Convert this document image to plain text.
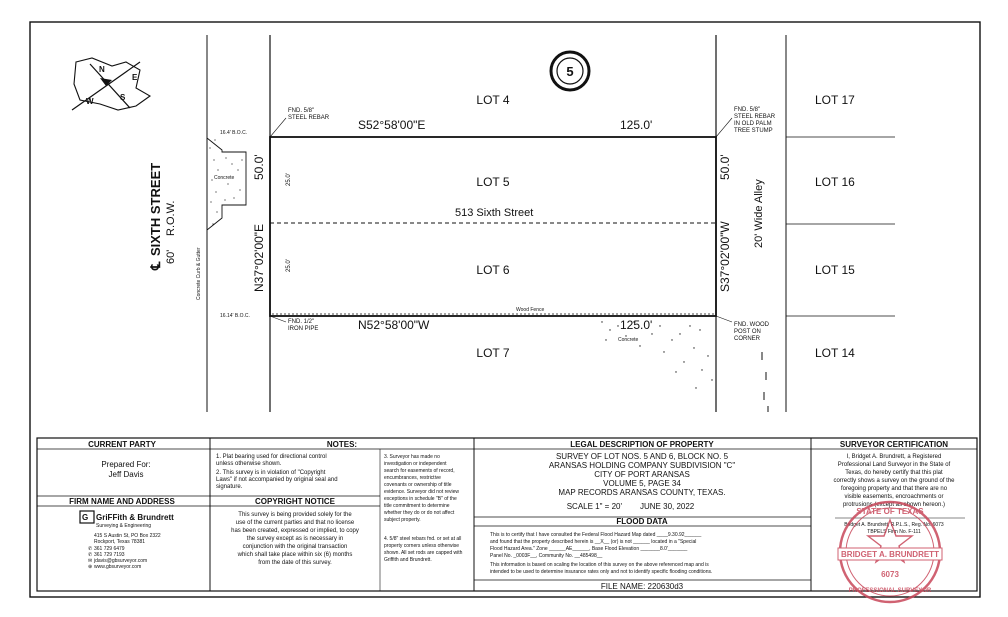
N
E
W	S
5
℄
SIXTH STREET R.O.W.
60'
Concrete
Concrete Curb & Gutter
16.4' B.O.C.
16.14' B.O.C.
20' Wide Alley
Concrete
Wood Fence
LOT 4
LOT 5
LOT 6
LOT 7
LOT 17
LOT 16
LOT 15
LOT 14
S52°58'00"E	125.0'
N52°58'00"W	125.0'
N37°02'00"E
50.0'
S37°02'00"W
50.0'
25.0'
25.0'
513 Sixth Street
FND. 5/8"
STEEL REBAR
FND. 5/8"
STEEL REBAR
IN OLD PALM
TREE STUMP
FND. 1/2"
IRON PIPE
FND. WOOD
POST ON
CORNER
CURRENT PARTY
Prepared For:
Jeff Davis
FIRM NAME AND ADDRESS
G GriFFith & Brundrett
Surveying & Engineering
415 S Austin St, PO Box 2322
Rockport, Texas 78381
✆ 361 729 6479
✆ 361 729 7193
✉ jdavis@gbsurveyor.com
⊕ www.gbsurveyor.com
NOTES:
1. Plat bearing used for directional control
unless otherwise shown.
2. This survey is in violation of "Copyright
Laws" if not accompanied by original seal and
signature.
3. Surveyor has made no
investigation or independent
search for easements of record,
encumbrances, restrictive
covenants or ownership of title
evidence. Surveyor did not review
exceptions in schedule "B" of the
title commitment to determine
whether they do or do not affect
subject property.
4. 5/8" steel rebars fnd. or set at all
property corners unless otherwise
shown. All set rods are capped with
Griffith and Brundrett.
COPYRIGHT NOTICE
This survey is being provided solely for the
use of the current parties and that no license
has been created, expressed or implied, to copy
the survey except as is necessary in
conjunction with the original transaction
which shall take place within six (6) months
from the date of this survey.
LEGAL DESCRIPTION OF PROPERTY
SURVEY OF LOT NOS. 5 AND 6, BLOCK NO. 5
ARANSAS HOLDING COMPANY SUBDIVISION "C"
CITY OF PORT ARANSAS
VOLUME 5, PAGE 34
MAP RECORDS ARANSAS COUNTY, TEXAS.
SCALE 1" = 20' JUNE 30, 2022
FLOOD DATA
This is to certify that I have consulted the Federal Flood Hazard Map dated ____9.30.92______
and found that the property described herein is __X__ (or) is not ______ located in a "Special
Flood Hazard Area." Zone ______AE______, Base Flood Elevation _______8.0'_______
Panel No. _0003F__, Community No. __485498__
This information is based on scaling the location of this survey on the above referenced map and is
intended to be used to determine insurance rates only and not to identify specific flooding conditions.
FILE NAME: 220630d3
SURVEYOR CERTIFICATION
I, Bridget A. Brundrett, a Registered
Professional Land Surveyor in the State of
Texas, do hereby certify that this plat
correctly shows a survey on the ground of the
foregoing property and that there are no
visible easements, encroachments or
protrusions (except as shown hereon.)
Bridget A. Brundrett, R.P.L.S., Reg. No. 6073
TBPELS Firm No. F-111
STATE OF TEXAS
BRIDGET A. BRUNDRETT
6073
PROFESSIONAL SURVEYOR
